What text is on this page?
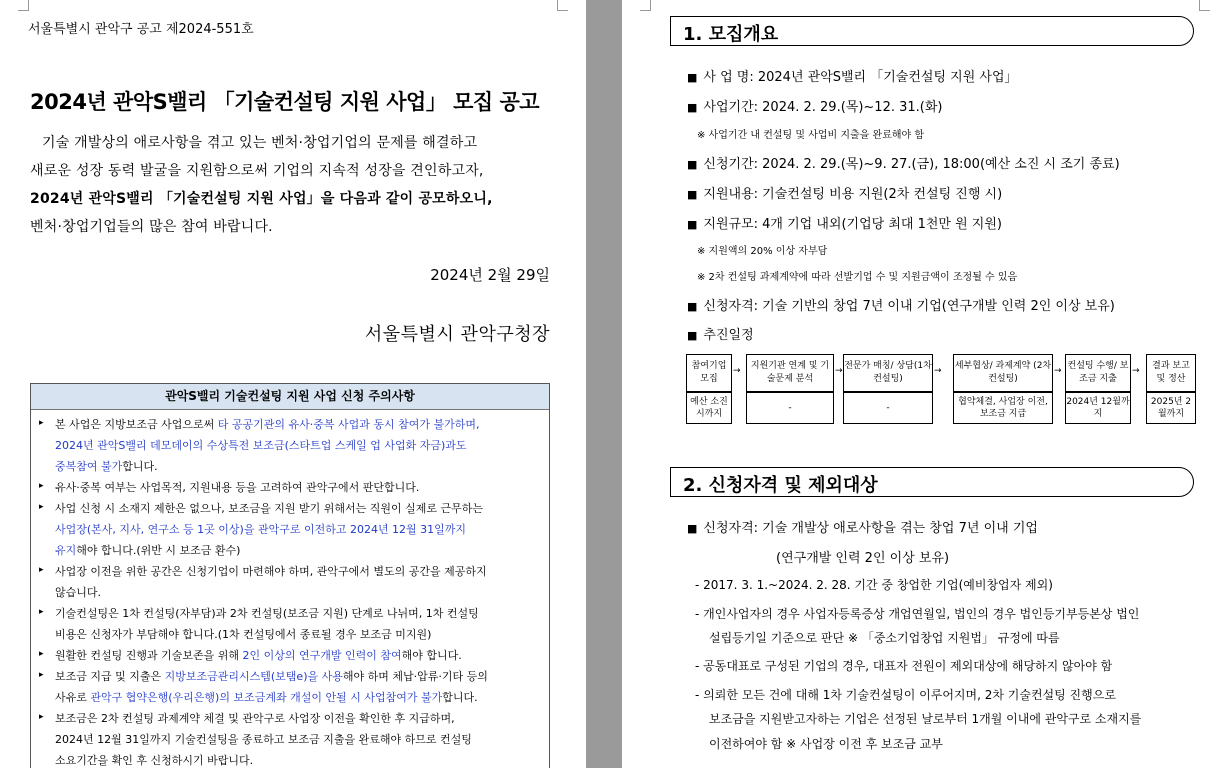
서울특별시 관악구 공고 제2024-551호
2024년 관악S밸리 「기술컨설팅 지원 사업」 모집 공고
기술 개발상의 애로사항을 겪고 있는 벤처·창업기업의 문제를 해결하고
새로운 성장 동력 발굴을 지원함으로써 기업의 지속적 성장을 견인하고자,
2024년 관악S밸리 「기술컨설팅 지원 사업」을 다음과 같이 공모하오니,
벤처·창업기업들의 많은 참여 바랍니다.
2024년 2월 29일
서울특별시 관악구청장
관악S밸리 기술컨설팅 지원 사업 신청 주의사항
▸ 본 사업은 지방보조금 사업으로써 타 공공기관의 유사·중복 사업과 동시 참여가 불가하며,
2024년 관악S밸리 데모데이의 수상특전 보조금(스타트업 스케일 업 사업화 자금)과도
중복참여 불가합니다.
▸ 유사·중복 여부는 사업목적, 지원내용 등을 고려하여 관악구에서 판단합니다.
▸ 사업 신청 시 소재지 제한은 없으나, 보조금을 지원 받기 위해서는 직원이 실제로 근무하는
사업장(본사, 지사, 연구소 등 1곳 이상)을 관악구로 이전하고 2024년 12월 31일까지
유지해야 합니다.(위반 시 보조금 환수)
▸ 사업장 이전을 위한 공간은 신청기업이 마련해야 하며, 관악구에서 별도의 공간을 제공하지
않습니다.
▸ 기술컨설팅은 1차 컨설팅(자부담)과 2차 컨설팅(보조금 지원) 단계로 나뉘며, 1차 컨설팅
비용은 신청자가 부담해야 합니다.(1차 컨설팅에서 종료될 경우 보조금 미지원)
▸ 원활한 컨설팅 진행과 기술보존을 위해 2인 이상의 연구개발 인력이 참여해야 합니다.
▸ 보조금 지급 및 지출은 지방보조금관리시스템(보탬e)을 사용해야 하며 체납·압류·기타 등의
사유로 관악구 협약은행(우리은행)의 보조금계좌 개설이 안될 시 사업참여가 불가합니다.
▸ 보조금은 2차 컨설팅 과제계약 체결 및 관악구로 사업장 이전을 확인한 후 지급하며,
2024년 12월 31일까지 기술컨설팅을 종료하고 보조금 지출을 완료해야 하므로 컨설팅
소요기간을 확인 후 신청하시기 바랍니다.
1. 모집개요
■ 사 업 명: 2024년 관악S밸리 「기술컨설팅 지원 사업」
■ 사업기간: 2024. 2. 29.(목)~12. 31.(화)
※ 사업기간 내 컨설팅 및 사업비 지출을 완료해야 함
■ 신청기간: 2024. 2. 29.(목)~9. 27.(금), 18:00(예산 소진 시 조기 종료)
■ 지원내용: 기술컨설팅 비용 지원(2차 컨설팅 진행 시)
■ 지원규모: 4개 기업 내외(기업당 최대 1천만 원 지원)
※ 지원액의 20% 이상 자부담
※ 2차 컨설팅 과제계약에 따라 선발기업 수 및 지원금액이 조정될 수 있음
■ 신청자격: 기술 기반의 창업 7년 이내 기업(연구개발 인력 2인 이상 보유)
■ 추진일정
참여기업 모집
예산 소진 시까지
→	지원기관 연계 및 기술문제 분석
-
→ 전문가 매칭/ 상담(1차 컨설팅)
-
→ 세부협상/ 과제계약 (2차 컨설팅)
협약체결, 사업장 이전, 보조금 지급
→ 컨설팅 수행/ 보조금 지출
2024년 12월까지
→	결과 보고 및 정산
2025년 2월까지
2. 신청자격 및 제외대상
■ 신청자격: 기술 개발상 애로사항을 겪는 창업 7년 이내 기업
(연구개발 인력 2인 이상 보유)
- 2017. 3. 1.~2024. 2. 28. 기간 중 창업한 기업(예비창업자 제외)
- 개인사업자의 경우 사업자등록증상 개업연월일, 법인의 경우 법인등기부등본상 법인
설립등기일 기준으로 판단 ※ 「중소기업창업 지원법」 규정에 따름
- 공동대표로 구성된 기업의 경우, 대표자 전원이 제외대상에 해당하지 않아야 함
- 의뢰한 모든 건에 대해 1차 기술컨설팅이 이루어지며, 2차 기술컨설팅 진행으로
보조금을 지원받고자하는 기업은 선정된 날로부터 1개월 이내에 관악구로 소재지를
이전하여야 함 ※ 사업장 이전 후 보조금 교부
